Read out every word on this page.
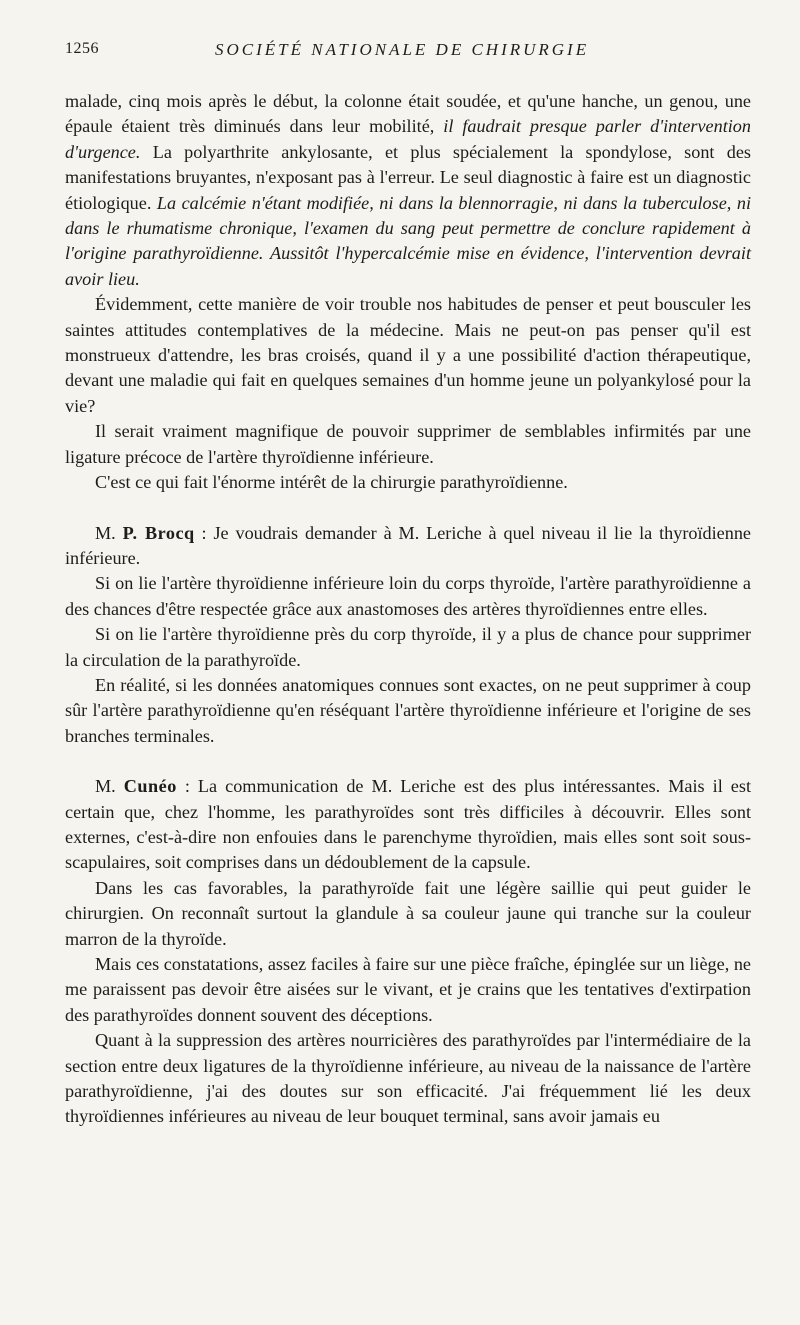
1256	SOCIÉTÉ NATIONALE DE CHIRURGIE

malade, cinq mois après le début, la colonne était soudée, et qu'une hanche, un genou, une épaule étaient très diminués dans leur mobilité, il faudrait presque parler d'intervention d'urgence. La polyarthrite ankylosante, et plus spécialement la spondylose, sont des manifestations bruyantes, n'exposant pas à l'erreur. Le seul diagnostic à faire est un diagnostic étiologique. La calcémie n'étant modifiée, ni dans la blennorragie, ni dans la tuberculose, ni dans le rhumatisme chronique, l'examen du sang peut permettre de conclure rapidement à l'origine parathyroïdienne. Aussitôt l'hypercalcémie mise en évidence, l'intervention devrait avoir lieu.

Évidemment, cette manière de voir trouble nos habitudes de penser et peut bousculer les saintes attitudes contemplatives de la médecine. Mais ne peut-on pas penser qu'il est monstrueux d'attendre, les bras croisés, quand il y a une possibilité d'action thérapeutique, devant une maladie qui fait en quelques semaines d'un homme jeune un polyankylosé pour la vie?

Il serait vraiment magnifique de pouvoir supprimer de semblables infirmités par une ligature précoce de l'artère thyroïdienne inférieure.

C'est ce qui fait l'énorme intérêt de la chirurgie parathyroïdienne.

M. P. Brocq : Je voudrais demander à M. Leriche à quel niveau il lie la thyroïdienne inférieure.

Si on lie l'artère thyroïdienne inférieure loin du corps thyroïde, l'artère parathyroïdienne a des chances d'être respectée grâce aux anastomoses des artères thyroïdiennes entre elles.

Si on lie l'artère thyroïdienne près du corp thyroïde, il y a plus de chance pour supprimer la circulation de la parathyroïde.

En réalité, si les données anatomiques connues sont exactes, on ne peut supprimer à coup sûr l'artère parathyroïdienne qu'en réséquant l'artère thyroïdienne inférieure et l'origine de ses branches terminales.

M. Cunéo : La communication de M. Leriche est des plus intéressantes. Mais il est certain que, chez l'homme, les parathyroïdes sont très difficiles à découvrir. Elles sont externes, c'est-à-dire non enfouies dans le parenchyme thyroïdien, mais elles sont soit sous-scapulaires, soit comprises dans un dédoublement de la capsule.

Dans les cas favorables, la parathyroïde fait une légère saillie qui peut guider le chirurgien. On reconnaît surtout la glandule à sa couleur jaune qui tranche sur la couleur marron de la thyroïde.

Mais ces constatations, assez faciles à faire sur une pièce fraîche, épinglée sur un liège, ne me paraissent pas devoir être aisées sur le vivant, et je crains que les tentatives d'extirpation des parathyroïdes donnent souvent des déceptions.

Quant à la suppression des artères nourricières des parathyroïdes par l'intermédiaire de la section entre deux ligatures de la thyroïdienne inférieure, au niveau de la naissance de l'artère parathyroïdienne, j'ai des doutes sur son efficacité. J'ai fréquemment lié les deux thyroïdiennes inférieures au niveau de leur bouquet terminal, sans avoir jamais eu
